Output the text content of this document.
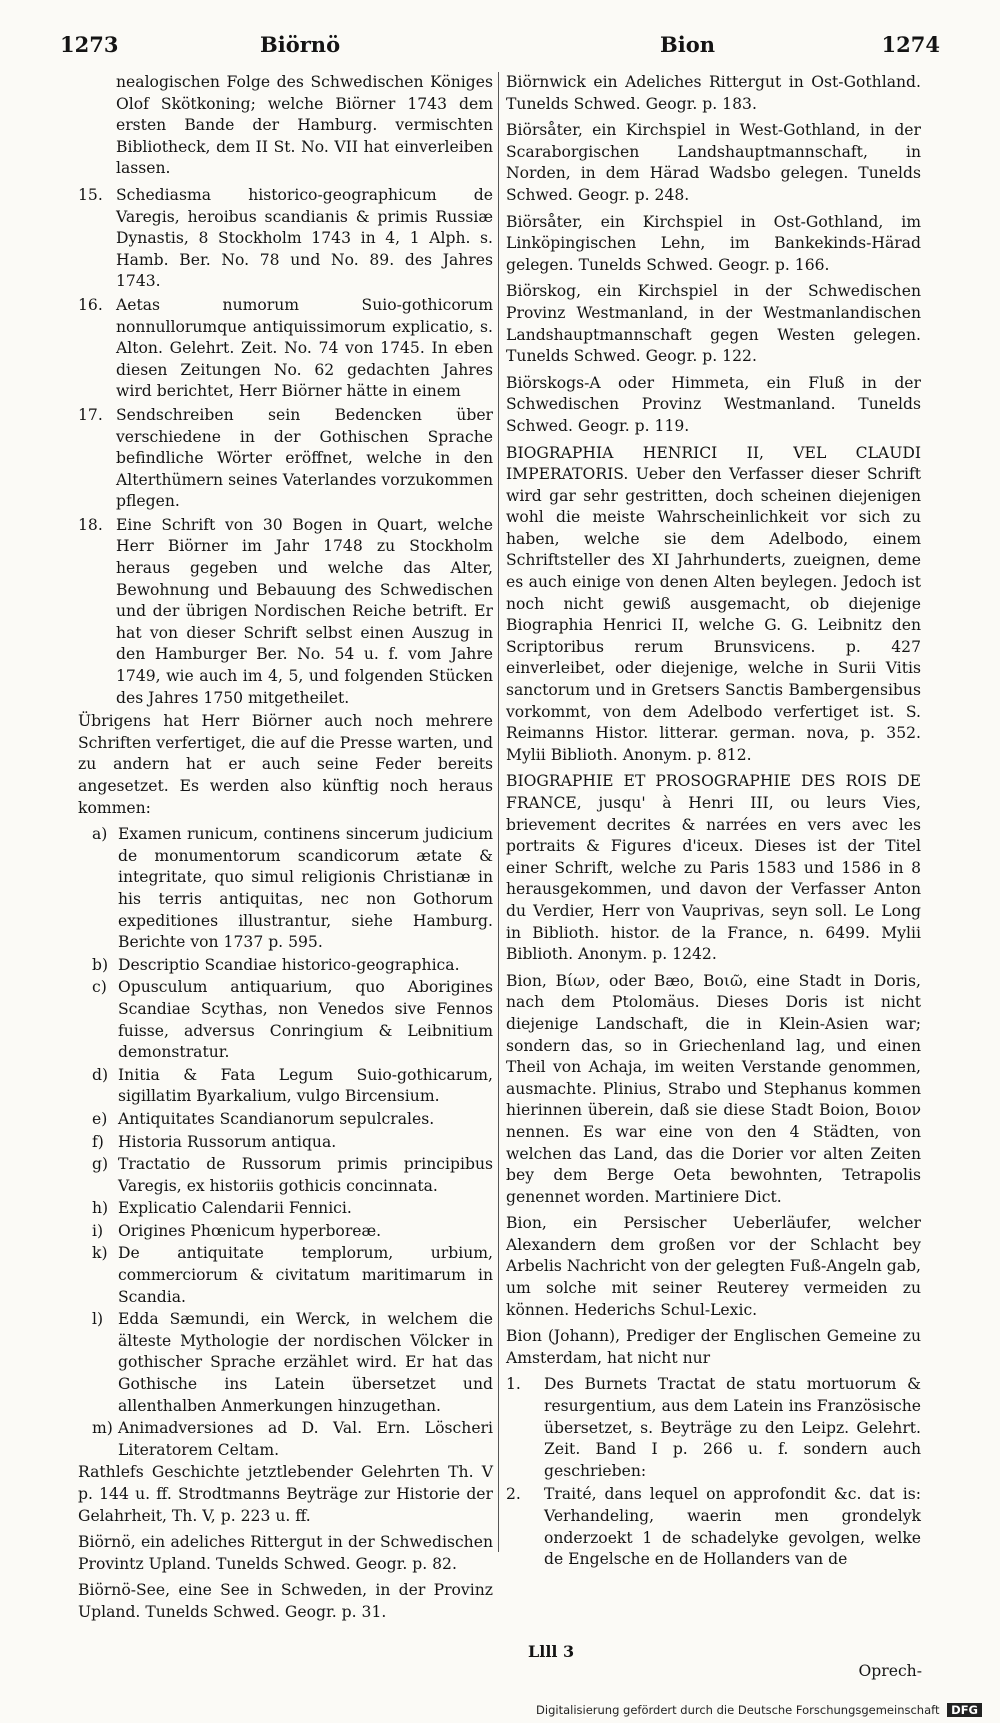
1273	Biörnö	Bion	1274

nealogischen Folge des Schwedischen Königes Olof Skötkoning; welche Biörner 1743 dem ersten Bande der Hamburg. vermischten Bibliotheck, dem II St. No. VII hat einverleiben lassen.

15. Schediasma historico-geographicum de Varegis, heroibus scandianis & primis Russiæ Dynastis, 8 Stockholm 1743 in 4, 1 Alph. s. Hamb. Ber. No. 78 und No. 89. des Jahres 1743.
16. Aetas numorum Suio-gothicorum nonnullorumque antiquissimorum explicatio, s. Alton. Gelehrt. Zeit. No. 74 von 1745. In eben diesen Zeitungen No. 62 gedachten Jahres wird berichtet, Herr Biörner hätte in einem
17. Sendschreiben sein Bedencken über verschiedene in der Gothischen Sprache befindliche Wörter eröffnet, welche in den Alterthümern seines Vaterlandes vorzukommen pflegen.
18. Eine Schrift von 30 Bogen in Quart, welche Herr Biörner im Jahr 1748 zu Stockholm heraus gegeben und welche das Alter, Bewohnung und Bebauung des Schwedischen und der übrigen Nordischen Reiche betrift. Er hat von dieser Schrift selbst einen Auszug in den Hamburger Ber. No. 54 u. f. vom Jahre 1749, wie auch im 4, 5, und folgenden Stücken des Jahres 1750 mitgetheilet.

Übrigens hat Herr Biörner auch noch mehrere Schriften verfertiget, die auf die Presse warten, und zu andern hat er auch seine Feder bereits angesetzet. Es werden also künftig noch heraus kommen:

a) Examen runicum, continens sincerum judicium de monumentorum scandicorum ætate & integritate, quo simul religionis Christianæ in his terris antiquitas, nec non Gothorum expeditiones illustrantur, siehe Hamburg. Berichte von 1737 p. 595.
b) Descriptio Scandiae historico-geographica.
c) Opusculum antiquarium, quo Aborigines Scandiae Scythas, non Venedos sive Fennos fuisse, adversus Conringium & Leibnitium demonstratur.
d) Initia & Fata Legum Suio-gothicarum, sigillatim Byarkalium, vulgo Bircensium.
e) Antiquitates Scandianorum sepulcrales.
f) Historia Russorum antiqua.
g) Tractatio de Russorum primis principibus Varegis, ex historiis gothicis concinnata.
h) Explicatio Calendarii Fennici.
i) Origines Phœnicum hyperboreæ.
k) De antiquitate templorum, urbium, commerciorum & civitatum maritimarum in Scandia.
l) Edda Sæmundi, ein Werck, in welchem die älteste Mythologie der nordischen Völcker in gothischer Sprache erzählet wird. Er hat das Gothische ins Latein übersetzet und allenthalben Anmerkungen hinzugethan.
m) Animadversiones ad D. Val. Ern. Löscheri Literatorem Celtam.

Rathlefs Geschichte jetztlebender Gelehrten Th. V p. 144 u. ff. Strodtmanns Beyträge zur Historie der Gelahrheit, Th. V, p. 223 u. ff.

Biörnö, ein adeliches Rittergut in der Schwedischen Provintz Upland. Tunelds Schwed. Geogr. p. 82.

Biörnö-See, eine See in Schweden, in der Provinz Upland. Tunelds Schwed. Geogr. p. 31.

Biörnwick ein Adeliches Rittergut in Ost-Gothland. Tunelds Schwed. Geogr. p. 183.

Biörsåter, ein Kirchspiel in West-Gothland, in der Scaraborgischen Landshauptmannschaft, in Norden, in dem Härad Wadsbo gelegen. Tunelds Schwed. Geogr. p. 248.

Biörsåter, ein Kirchspiel in Ost-Gothland, im Linköpingischen Lehn, im Bankekinds-Härad gelegen. Tunelds Schwed. Geogr. p. 166.

Biörskog, ein Kirchspiel in der Schwedischen Provinz Westmanland, in der Westmanlandischen Landshauptmannschaft gegen Westen gelegen. Tunelds Schwed. Geogr. p. 122.

Biörskogs-A oder Himmeta, ein Fluß in der Schwedischen Provinz Westmanland. Tunelds Schwed. Geogr. p. 119.

BIOGRAPHIA HENRICI II, VEL CLAUDI IMPERATORIS. Ueber den Verfasser dieser Schrift wird gar sehr gestritten, doch scheinen diejenigen wohl die meiste Wahrscheinlichkeit vor sich zu haben, welche sie dem Adelbodo, einem Schriftsteller des XI Jahrhunderts, zueignen, deme es auch einige von denen Alten beylegen. Jedoch ist noch nicht gewiß ausgemacht, ob diejenige Biographia Henrici II, welche G. G. Leibnitz den Scriptoribus rerum Brunsvicens. p. 427 einverleibet, oder diejenige, welche in Surii Vitis sanctorum und in Gretsers Sanctis Bambergensibus vorkommt, von dem Adelbodo verfertiget ist. S. Reimanns Histor. litterar. german. nova, p. 352. Mylii Biblioth. Anonym. p. 812.

BIOGRAPHIE ET PROSOGRAPHIE DES ROIS DE FRANCE, jusqu' à Henri III, ou leurs Vies, brievement decrites & narrées en vers avec les portraits & Figures d'iceux. Dieses ist der Titel einer Schrift, welche zu Paris 1583 und 1586 in 8 herausgekommen, und davon der Verfasser Anton du Verdier, Herr von Vauprivas, seyn soll. Le Long in Biblioth. histor. de la France, n. 6499. Mylii Biblioth. Anonym. p. 1242.

Bion, Βίων, oder Bæo, Βοιῶ, eine Stadt in Doris, nach dem Ptolomäus. Dieses Doris ist nicht diejenige Landschaft, die in Klein-Asien war; sondern das, so in Griechenland lag, und einen Theil von Achaja, im weiten Verstande genommen, ausmachte. Plinius, Strabo und Stephanus kommen hierinnen überein, daß sie diese Stadt Boion, Βοιον nennen. Es war eine von den 4 Städten, von welchen das Land, das die Dorier vor alten Zeiten bey dem Berge Oeta bewohnten, Tetrapolis genennet worden. Martiniere Dict.

Bion, ein Persischer Ueberläufer, welcher Alexandern dem großen vor der Schlacht bey Arbelis Nachricht von der gelegten Fuß-Angeln gab, um solche mit seiner Reuterey vermeiden zu können. Hederichs Schul-Lexic.

Bion (Johann), Prediger der Englischen Gemeine zu Amsterdam, hat nicht nur

1. Des Burnets Tractat de statu mortuorum & resurgentium, aus dem Latein ins Französische übersetzet, s. Beyträge zu den Leipz. Gelehrt. Zeit. Band I p. 266 u. f. sondern auch geschrieben:
2. Traité, dans lequel on approfondit &c. dat is: Verhandeling, waerin men grondelyk onderzoekt 1 de schadelyke gevolgen, welke de Engelsche en de Hollanders van de
Llll 3
Oprech-
Digitalisierung gefördert durch die Deutsche Forschungsgemeinschaft DFG
